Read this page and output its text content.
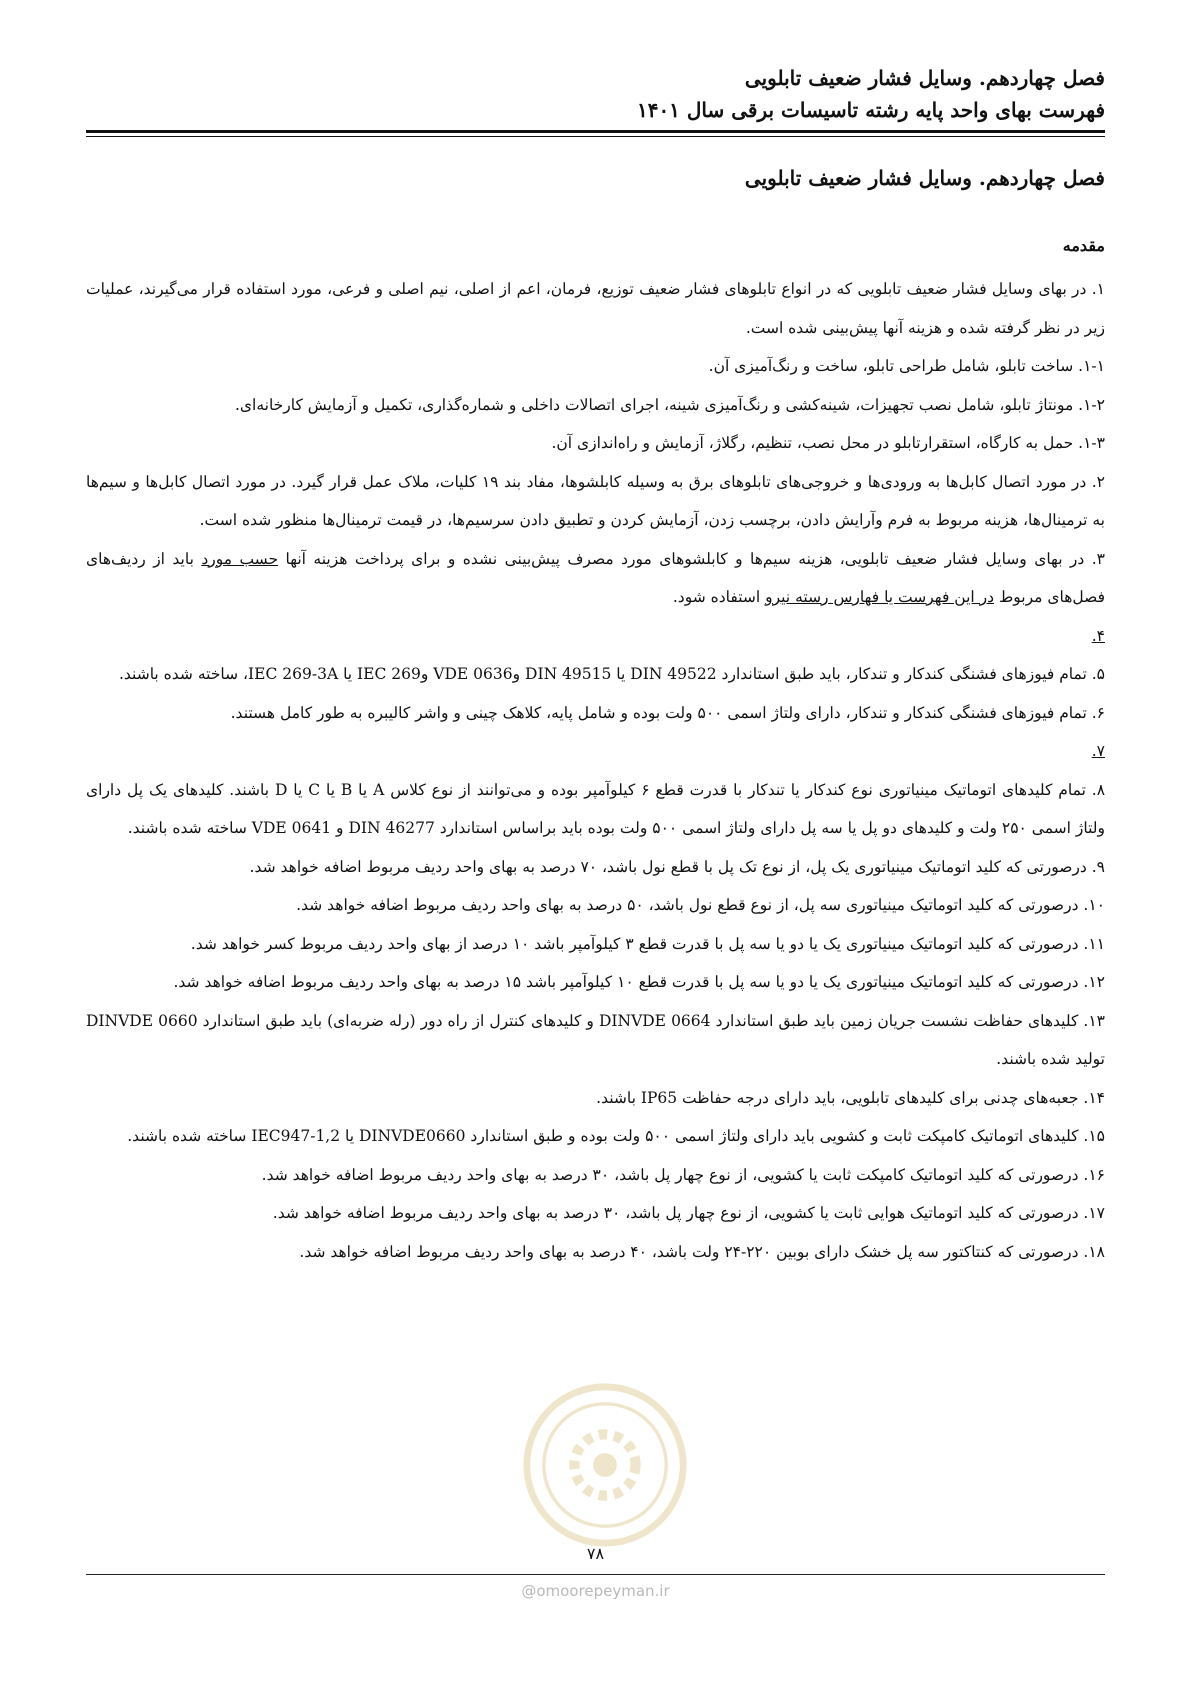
فصل چهاردهم. وسایل فشار ضعیف تابلویی
فهرست بهای واحد پایه رشته تاسیسات برقی سال ۱۴۰۱
فصل چهاردهم. وسایل فشار ضعیف تابلویی
مقدمه

۱. در بهای وسایل فشار ضعیف تابلویی که در انواع تابلوهای فشار ضعیف توزیع، فرمان، اعم از اصلی، نیم اصلی و فرعی، مورد استفاده قرار می‌گیرند، عملیات زیر در نظر گرفته شده و هزینه آنها پیش‌بینی شده است.

۱-۱. ساخت تابلو، شامل طراحی تابلو، ساخت و رنگ‌آمیزی آن.

۱-۲. مونتاژ تابلو، شامل نصب تجهیزات، شینه‌کشی و رنگ‌آمیزی شینه، اجرای اتصالات داخلی و شماره‌گذاری، تکمیل و آزمایش کارخانه‌ای.

۱-۳. حمل به کارگاه، استقرارتابلو در محل نصب، تنظیم، رگلاژ، آزمایش و راه‌اندازی آن.

۲. در مورد اتصال کابل‌ها به ورودی‌ها و خروجی‌های تابلوهای برق به وسیله کابلشوها، مفاد بند ۱۹ کلیات، ملاک عمل قرار گیرد. در مورد اتصال کابل‌ها و سیم‌ها به ترمینال‌ها، هزینه مربوط به فرم وآرایش دادن، برچسب زدن، آزمایش کردن و تطبیق دادن سرسیم‌ها، در قیمت ترمینال‌ها منظور شده است.

۳. در بهای وسایل فشار ضعیف تابلویی، هزینه سیم‌ها و کابلشوهای مورد مصرف پیش‌بینی نشده و برای پرداخت هزینه آنها حسب مورد باید از ردیف‌های فصل‌های مربوط در این فهرست یا فهارس رسته نیرو استفاده شود.

۴.

۵. تمام فیوزهای فشنگی کندکار و تندکار، باید طبق استاندارد DIN 49522 یا DIN 49515 وVDE 0636 وIEC 269 یا IEC 269-3A، ساخته شده باشند.

۶. تمام فیوزهای فشنگی کندکار و تندکار، دارای ولتاژ اسمی ۵۰۰ ولت بوده و شامل پایه، کلاهک چینی و واشر کالیبره به طور کامل هستند.

۷.

۸. تمام کلیدهای اتوماتیک مینیاتوری نوع کندکار یا تندکار با قدرت قطع ۶ کیلوآمپر بوده و می‌توانند از نوع کلاس A یا B یا C یا D باشند. کلیدهای یک پل دارای ولتاژ اسمی ۲۵۰ ولت و کلیدهای دو پل یا سه پل دارای ولتاژ اسمی ۵۰۰ ولت بوده باید براساس استاندارد DIN 46277 و VDE 0641 ساخته شده باشند.

۹. درصورتی که کلید اتوماتیک مینیاتوری یک پل، از نوع تک پل با قطع نول باشد، ۷۰ درصد به بهای واحد ردیف مربوط اضافه خواهد شد.

۱۰. درصورتی که کلید اتوماتیک مینیاتوری سه پل، از نوع قطع نول باشد، ۵۰ درصد به بهای واحد ردیف مربوط اضافه خواهد شد.

۱۱. درصورتی که کلید اتوماتیک مینیاتوری یک یا دو یا سه پل با قدرت قطع ۳ کیلوآمپر باشد ۱۰ درصد از بهای واحد ردیف مربوط کسر خواهد شد.

۱۲. درصورتی که کلید اتوماتیک مینیاتوری یک یا دو یا سه پل با قدرت قطع ۱۰ کیلوآمپر باشد ۱۵ درصد به بهای واحد ردیف مربوط اضافه خواهد شد.

۱۳. کلیدهای حفاظت نشست جریان زمین باید طبق استاندارد DINVDE 0664 و کلیدهای کنترل از راه دور (رله ضربه‌ای) باید طبق استاندارد DINVDE 0660 تولید شده باشند.

۱۴. جعبه‌های چدنی برای کلیدهای تابلویی، باید دارای درجه حفاظت IP65 باشند.

۱۵. کلیدهای اتوماتیک کامپکت ثابت و کشویی باید دارای ولتاژ اسمی ۵۰۰ ولت بوده و طبق استاندارد DINVDE0660 یا IEC947-1,2 ساخته شده باشند.

۱۶. درصورتی که کلید اتوماتیک کامپکت ثابت یا کشویی، از نوع چهار پل باشد، ۳۰ درصد به بهای واحد ردیف مربوط اضافه خواهد شد.

۱۷. درصورتی که کلید اتوماتیک هوایی ثابت یا کشویی، از نوع چهار پل باشد، ۳۰ درصد به بهای واحد ردیف مربوط اضافه خواهد شد.

۱۸. درصورتی که کنتاکتور سه پل خشک دارای بوبین ۲۲۰-۲۴ ولت باشد، ۴۰ درصد به بهای واحد ردیف مربوط اضافه خواهد شد.

۷۸
@omoorepeyman.ir
